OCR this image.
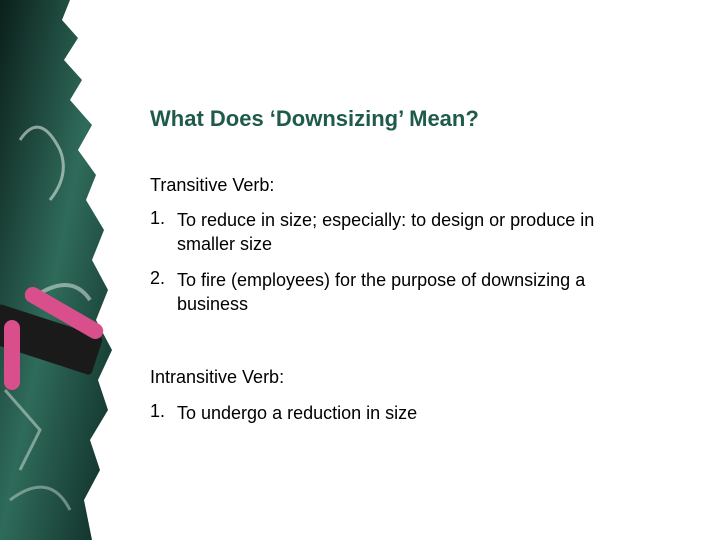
What Does ‘Downsizing’ Mean?
Transitive Verb:
1. To reduce in size; especially: to design or produce in smaller size
2. To fire (employees) for the purpose of downsizing a business
Intransitive Verb:
1. To undergo a reduction in size
